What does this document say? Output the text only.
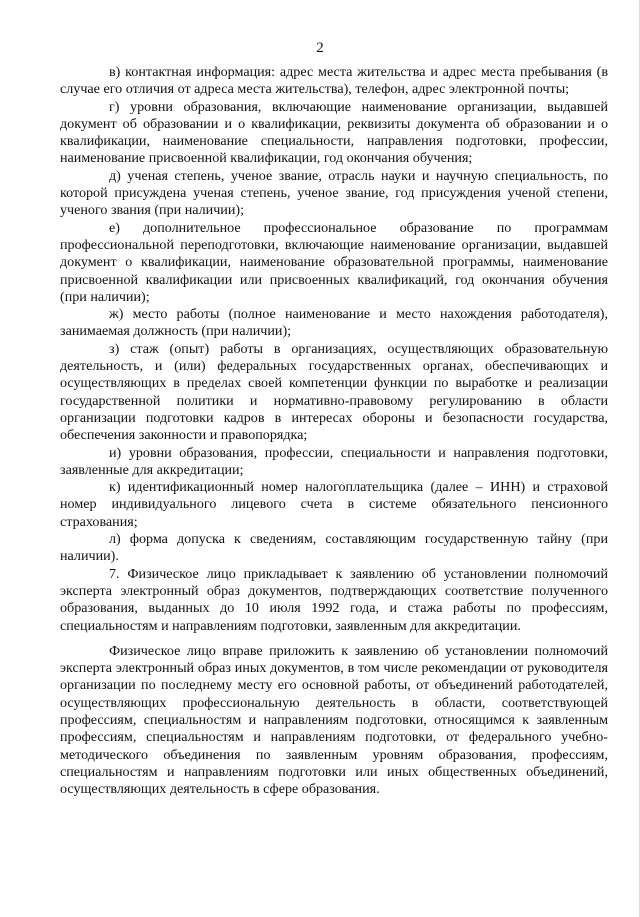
2

в) контактная информация: адрес места жительства и адрес места пребывания (в случае его отличия от адреса места жительства), телефон, адрес электронной почты;

г) уровни образования, включающие наименование организации, выдавшей документ об образовании и о квалификации, реквизиты документа об образовании и о квалификации, наименование специальности, направления подготовки, профессии, наименование присвоенной квалификации, год окончания обучения;

д) ученая степень, ученое звание, отрасль науки и научную специальность, по которой присуждена ученая степень, ученое звание, год присуждения ученой степени, ученого звания (при наличии);

е) дополнительное профессиональное образование по программам профессиональной переподготовки, включающие наименование организации, выдавшей документ о квалификации, наименование образовательной программы, наименование присвоенной квалификации или присвоенных квалификаций, год окончания обучения (при наличии);

ж) место работы (полное наименование и место нахождения работодателя), занимаемая должность (при наличии);

з) стаж (опыт) работы в организациях, осуществляющих образовательную деятельность, и (или) федеральных государственных органах, обеспечивающих и осуществляющих в пределах своей компетенции функции по выработке и реализации государственной политики и нормативно-правовому регулированию в области организации подготовки кадров в интересах обороны и безопасности государства, обеспечения законности и правопорядка;

и) уровни образования, профессии, специальности и направления подготовки, заявленные для аккредитации;

к) идентификационный номер налогоплательщика (далее – ИНН) и страховой номер индивидуального лицевого счета в системе обязательного пенсионного страхования;

л) форма допуска к сведениям, составляющим государственную тайну (при наличии).

7. Физическое лицо прикладывает к заявлению об установлении полномочий эксперта электронный образ документов, подтверждающих соответствие полученного образования, выданных до 10 июля 1992 года, и стажа работы по профессиям, специальностям и направлениям подготовки, заявленным для аккредитации.

Физическое лицо вправе приложить к заявлению об установлении полномочий эксперта электронный образ иных документов, в том числе рекомендации от руководителя организации по последнему месту его основной работы, от объединений работодателей, осуществляющих профессиональную деятельность в области, соответствующей профессиям, специальностям и направлениям подготовки, относящимся к заявленным профессиям, специальностям и направлениям подготовки, от федерального учебно-методического объединения по заявленным уровням образования, профессиям, специальностям и направлениям подготовки или иных общественных объединений, осуществляющих деятельность в сфере образования.
